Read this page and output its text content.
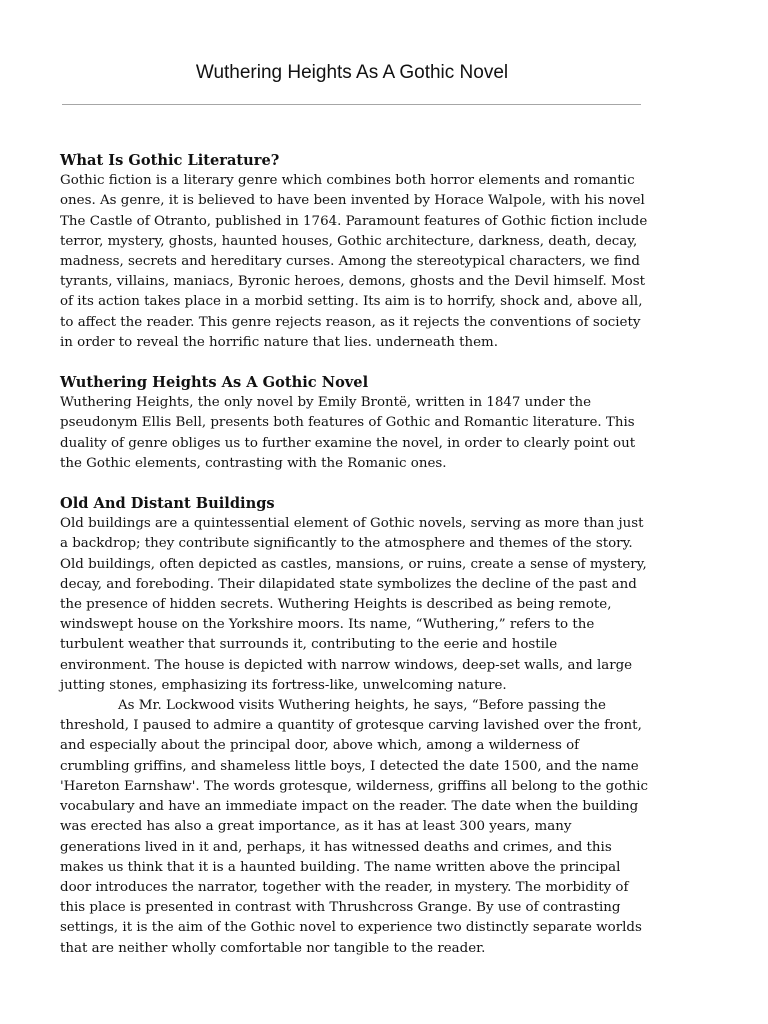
Wuthering Heights As A Gothic Novel
What Is Gothic Literature?

Gothic fiction is a literary genre which combines both horror elements and romantic ones. As genre, it is believed to have been invented by Horace Walpole, with his novel The Castle of Otranto, published in 1764. Paramount features of Gothic fiction include terror, mystery, ghosts, haunted houses, Gothic architecture, darkness, death, decay, madness, secrets and hereditary curses. Among the stereotypical characters, we find tyrants, villains, maniacs, Byronic heroes, demons, ghosts and the Devil himself. Most of its action takes place in a morbid setting. Its aim is to horrify, shock and, above all, to affect the reader. This genre rejects reason, as it rejects the conventions of society in order to reveal the horrific nature that lies. underneath them.

Wuthering Heights As A Gothic Novel

Wuthering Heights, the only novel by Emily Brontë, written in 1847 under the pseudonym Ellis Bell, presents both features of Gothic and Romantic literature. This duality of genre obliges us to further examine the novel, in order to clearly point out the Gothic elements, contrasting with the Romanic ones.

Old And Distant Buildings

Old buildings are a quintessential element of Gothic novels, serving as more than just a backdrop; they contribute significantly to the atmosphere and themes of the story.

Old buildings, often depicted as castles, mansions, or ruins, create a sense of mystery, decay, and foreboding. Their dilapidated state symbolizes the decline of the past and the presence of hidden secrets. Wuthering Heights is described as being remote, windswept house on the Yorkshire moors. Its name, “Wuthering,” refers to the turbulent weather that surrounds it, contributing to the eerie and hostile environment. The house is depicted with narrow windows, deep-set walls, and large jutting stones, emphasizing its fortress-like, unwelcoming nature.

As Mr. Lockwood visits Wuthering heights, he says, “Before passing the threshold, I paused to admire a quantity of grotesque carving lavished over the front, and especially about the principal door, above which, among a wilderness of crumbling griffins, and shameless little boys, I detected the date 1500, and the name 'Hareton Earnshaw'. The words grotesque, wilderness, griffins all belong to the gothic vocabulary and have an immediate impact on the reader. The date when the building was erected has also a great importance, as it has at least 300 years, many generations lived in it and, perhaps, it has witnessed deaths and crimes, and this makes us think that it is a haunted building. The name written above the principal door introduces the narrator, together with the reader, in mystery. The morbidity of this place is presented in contrast with Thrushcross Grange. By use of contrasting settings, it is the aim of the Gothic novel to experience two distinctly separate worlds that are neither wholly comfortable nor tangible to the reader.
